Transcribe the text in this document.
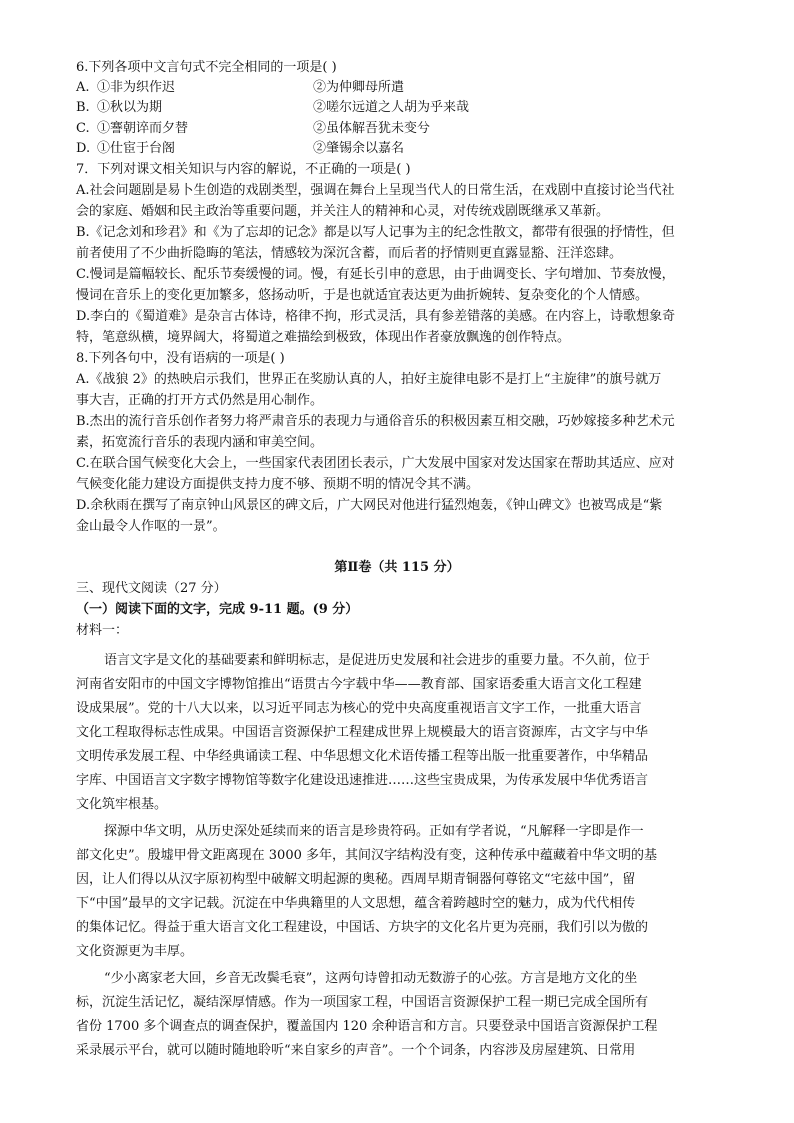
6.下列各项中文言句式不完全相同的一项是( )
A. ①非为织作迟	②为仲卿母所遣
B. ①秋以为期	②嗟尔远道之人胡为乎来哉
C. ①謇朝谇而夕替	②虽体解吾犹未变兮
D. ①仕宦于台阁	②肇锡余以嘉名
7．下列对课文相关知识与内容的解说，不正确的一项是( )
A.社会问题剧是易卜生创造的戏剧类型，强调在舞台上呈现当代人的日常生活，在戏剧中直接讨论当代社
会的家庭、婚姻和民主政治等重要问题，并关注人的精神和心灵，对传统戏剧既继承又革新。
B.《记念刘和珍君》和《为了忘却的记念》都是以写人记事为主的纪念性散文，都带有很强的抒情性，但
前者使用了不少曲折隐晦的笔法，情感较为深沉含蓄，而后者的抒情则更直露显豁、汪洋恣肆。
C.慢词是篇幅较长、配乐节奏缓慢的词。慢，有延长引申的意思，由于曲调变长、字句增加、节奏放慢，
慢词在音乐上的变化更加繁多，悠扬动听，于是也就适宜表达更为曲折婉转、复杂变化的个人情感。
D.李白的《蜀道难》是杂言古体诗，格律不拘，形式灵活，具有参差错落的美感。在内容上，诗歌想象奇
特，笔意纵横，境界阔大，将蜀道之难描绘到极致，体现出作者豪放飘逸的创作特点。
8.下列各句中，没有语病的一项是( )
A.《战狼 2》的热映启示我们，世界正在奖励认真的人，拍好主旋律电影不是打上“主旋律”的旗号就万
事大吉，正确的打开方式仍然是用心制作。
B.杰出的流行音乐创作者努力将严肃音乐的表现力与通俗音乐的积极因素互相交融，巧妙嫁接多种艺术元
素，拓宽流行音乐的表现内涵和审美空间。
C.在联合国气候变化大会上，一些国家代表团团长表示，广大发展中国家对发达国家在帮助其适应、应对
气候变化能力建设方面提供支持力度不够、预期不明的情况令其不满。
D.余秋雨在撰写了南京钟山风景区的碑文后，广大网民对他进行猛烈炮轰，《钟山碑文》也被骂成是“紫
金山最令人作呕的一景”。
第Ⅱ卷（共 115 分）
三、现代文阅读（27 分）
（一）阅读下面的文字，完成 9-11 题。(9 分）
材料一：
语言文字是文化的基础要素和鲜明标志，是促进历史发展和社会进步的重要力量。不久前，位于
河南省安阳市的中国文字博物馆推出“语贯古今字载中华——教育部、国家语委重大语言文化工程建
设成果展”。党的十八大以来，以习近平同志为核心的党中央高度重视语言文字工作，一批重大语言
文化工程取得标志性成果。中国语言资源保护工程建成世界上规模最大的语言资源库，古文字与中华
文明传承发展工程、中华经典诵读工程、中华思想文化术语传播工程等出版一批重要著作，中华精品
字库、中国语言文字数字博物馆等数字化建设迅速推进……这些宝贵成果，为传承发展中华优秀语言
文化筑牢根基。
探源中华文明，从历史深处延续而来的语言是珍贵符码。正如有学者说，“凡解释一字即是作一
部文化史”。殷墟甲骨文距离现在 3000 多年，其间汉字结构没有变，这种传承中蕴藏着中华文明的基
因，让人们得以从汉字原初构型中破解文明起源的奥秘。西周早期青铜器何尊铭文“宅兹中国”，留
下“中国”最早的文字记载。沉淀在中华典籍里的人文思想，蕴含着跨越时空的魅力，成为代代相传
的集体记忆。得益于重大语言文化工程建设，中国话、方块字的文化名片更为亮丽，我们引以为傲的
文化资源更为丰厚。
“少小离家老大回，乡音无改鬓毛衰”，这两句诗曾扣动无数游子的心弦。方言是地方文化的坐
标，沉淀生活记忆，凝结深厚情感。作为一项国家工程，中国语言资源保护工程一期已完成全国所有
省份 1700 多个调查点的调查保护，覆盖国内 120 余种语言和方言。只要登录中国语言资源保护工程
采录展示平台，就可以随时随地聆听“来自家乡的声音”。一个个词条，内容涉及房屋建筑、日常用
